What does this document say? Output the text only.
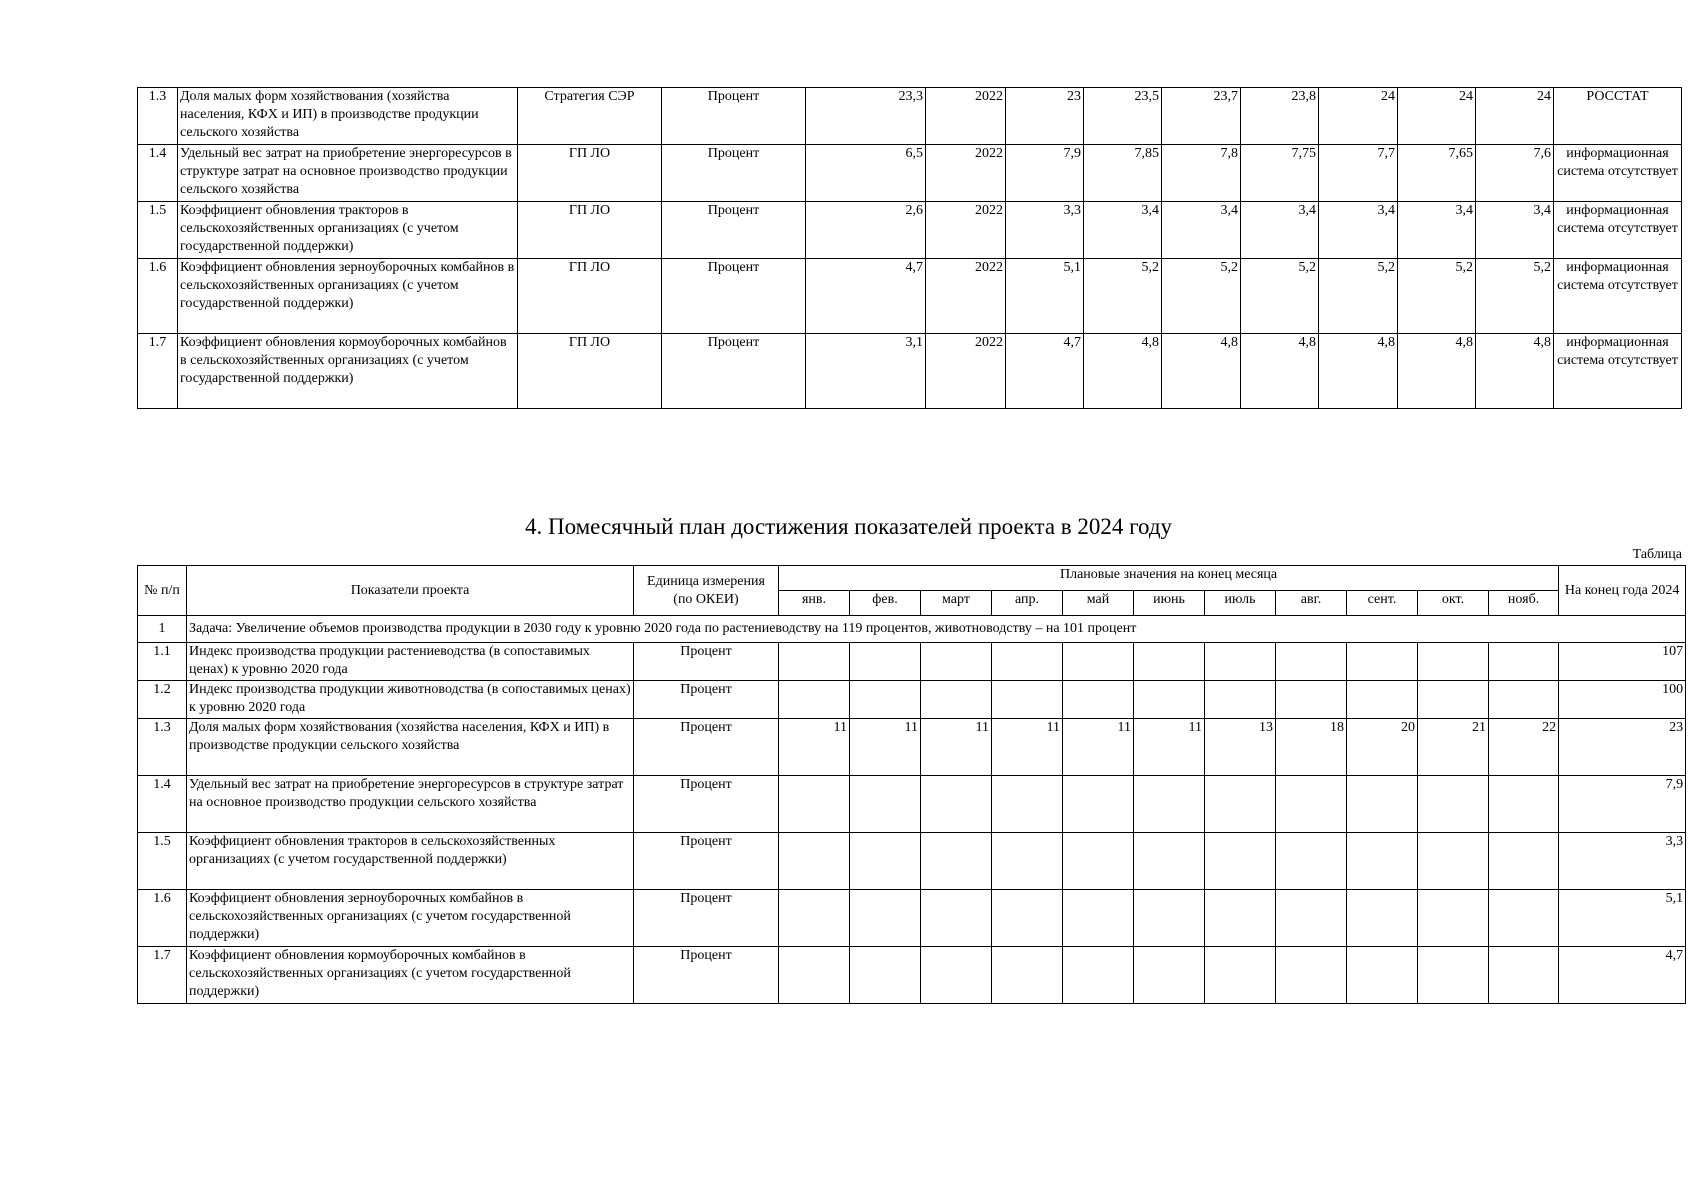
1.3	Доля малых форм хозяйствования (хозяйства населения, КФХ и ИП) в производстве продукции сельского хозяйства	Стратегия СЭР	Процент	23,3	2022	23	23,5	23,7	23,8	24	24	24	РОССТАТ
1.4	Удельный вес затрат на приобретение энергоресурсов в структуре затрат на основное производство продукции сельского хозяйства	ГП ЛО	Процент	6,5	2022	7,9	7,85	7,8	7,75	7,7	7,65	7,6	информационная система отсутствует
1.5	Коэффициент обновления тракторов в сельскохозяйственных организациях (с учетом государственной поддержки)	ГП ЛО	Процент	2,6	2022	3,3	3,4	3,4	3,4	3,4	3,4	3,4	информационная система отсутствует
1.6	Коэффициент обновления зерноуборочных комбайнов в сельскохозяйственных организациях (с учетом государственной поддержки)	ГП ЛО	Процент	4,7	2022	5,1	5,2	5,2	5,2	5,2	5,2	5,2	информационная система отсутствует
1.7	Коэффициент обновления кормоуборочных комбайнов в сельскохозяйственных организациях (с учетом государственной поддержки)	ГП ЛО	Процент	3,1	2022	4,7	4,8	4,8	4,8	4,8	4,8	4,8	информационная система отсутствует
4. Помесячный план достижения показателей проекта в 2024 году
Таблица
№ п/п	Показатели проекта	Единица измерения (по ОКЕИ)	Плановые значения на конец месяца											На конец года 2024
			янв.	фев.	март	апр.	май	июнь	июль	авг.	сент.	окт.	нояб.	
1	Задача: Увеличение объемов производства продукции в 2030 году к уровню 2020 года по растениеводству на 119 процентов, животноводству – на 101 процент													
1.1	Индекс производства продукции растениеводства (в сопоставимых ценах) к уровню 2020 года	Процент												107
1.2	Индекс производства продукции животноводства (в сопоставимых ценах) к уровню 2020 года	Процент												100
1.3	Доля малых форм хозяйствования (хозяйства населения, КФХ и ИП) в производстве продукции сельского хозяйства	Процент	11	11	11	11	11	11	13	18	20	21	22	23
1.4	Удельный вес затрат на приобретение энергоресурсов в структуре затрат на основное производство продукции сельского хозяйства	Процент												7,9
1.5	Коэффициент обновления тракторов в сельскохозяйственных организациях (с учетом государственной поддержки)	Процент												3,3
1.6	Коэффициент обновления зерноуборочных комбайнов в сельскохозяйственных организациях (с учетом государственной поддержки)	Процент												5,1
1.7	Коэффициент обновления кормоуборочных комбайнов в сельскохозяйственных организациях (с учетом государственной поддержки)	Процент												4,7
